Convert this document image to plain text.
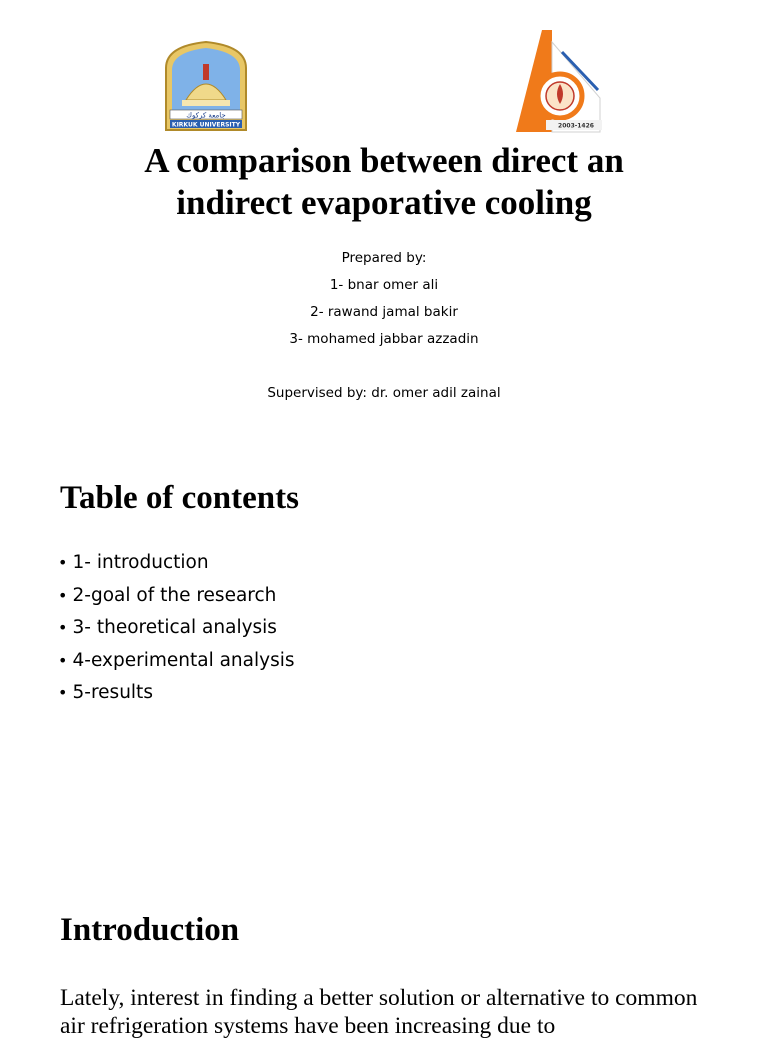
جامعة كركوك
KIRKUK UNIVERSITY	2003-1426
A comparison between direct an
indirect evaporative cooling
Prepared by:
1- bnar omer ali
2- rawand jamal bakir
3- mohamed jabbar azzadin
Supervised by: dr. omer adil zainal
Table of contents
• 1- introduction
• 2-goal of the research
• 3- theoretical analysis
• 4-experimental analysis
• 5-results
Introduction

Lately, interest in finding a better solution or alternative to common air refrigeration systems have been increasing due to
